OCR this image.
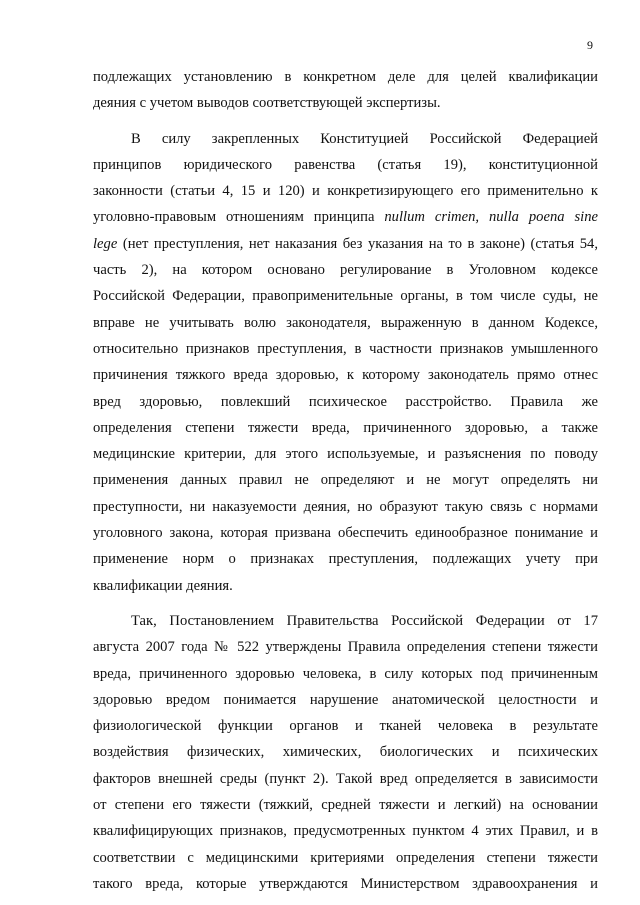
9
подлежащих установлению в конкретном деле для целей квалификации
деяния с учетом выводов соответствующей экспертизы.
В силу закрепленных Конституцией Российской Федерацией
принципов юридического равенства (статья 19), конституционной
законности (статьи 4, 15 и 120) и конкретизирующего его применительно к
уголовно-правовым отношениям принципа nullum crimen, nulla poena sine
lege (нет преступления, нет наказания без указания на то в законе) (статья 54,
часть 2), на котором основано регулирование в Уголовном кодексе
Российской Федерации, правоприменительные органы, в том числе суды, не
вправе не учитывать волю законодателя, выраженную в данном Кодексе,
относительно признаков преступления, в частности признаков умышленного
причинения тяжкого вреда здоровью, к которому законодатель прямо отнес
вред здоровью, повлекший психическое расстройство. Правила же
определения степени тяжести вреда, причиненного здоровью, а также
медицинские критерии, для этого используемые, и разъяснения по поводу
применения данных правил не определяют и не могут определять ни
преступности, ни наказуемости деяния, но образуют такую связь с нормами
уголовного закона, которая призвана обеспечить единообразное понимание и
применение норм о признаках преступления, подлежащих учету при
квалификации деяния.
Так, Постановлением Правительства Российской Федерации от 17
августа 2007 года № 522 утверждены Правила определения степени тяжести
вреда, причиненного здоровью человека, в силу которых под причиненным
здоровью вредом понимается нарушение анатомической целостности и
физиологической функции органов и тканей человека в результате
воздействия физических, химических, биологических и психических
факторов внешней среды (пункт 2). Такой вред определяется в зависимости
от степени его тяжести (тяжкий, средней тяжести и легкий) на основании
квалифицирующих признаков, предусмотренных пунктом 4 этих Правил, и в
соответствии с медицинскими критериями определения степени тяжести
такого вреда, которые утверждаются Министерством здравоохранения и
